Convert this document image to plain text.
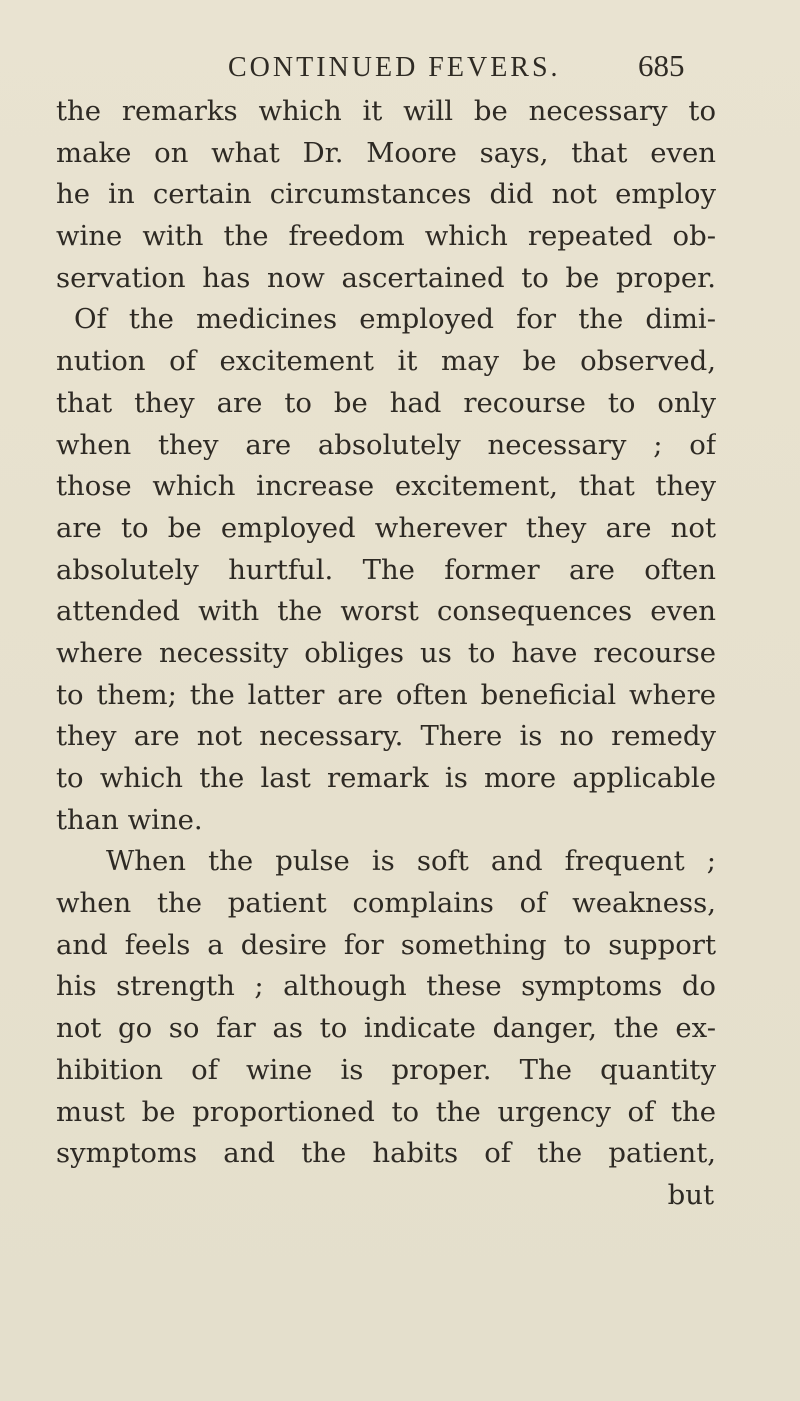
CONTINUED FEVERS. 685
the remarks which it will be necessary to
make on what Dr. Moore says, that even
he in certain circumstances did not employ
wine with the freedom which repeated ob-
servation has now ascertained to be proper.
Of the medicines employed for the dimi-
nution of excitement it may be observed,
that they are to be had recourse to only
when they are absolutely necessary ; of
those which increase excitement, that they
are to be employed wherever they are not
absolutely hurtful. The former are often
attended with the worst consequences even
where necessity obliges us to have recourse
to them; the latter are often beneficial where
they are not necessary. There is no remedy
to which the last remark is more applicable
than wine.
When the pulse is soft and frequent ;
when the patient complains of weakness,
and feels a desire for something to support
his strength ; although these symptoms do
not go so far as to indicate danger, the ex-
hibition of wine is proper. The quantity
must be proportioned to the urgency of the
symptoms and the habits of the patient,
but
